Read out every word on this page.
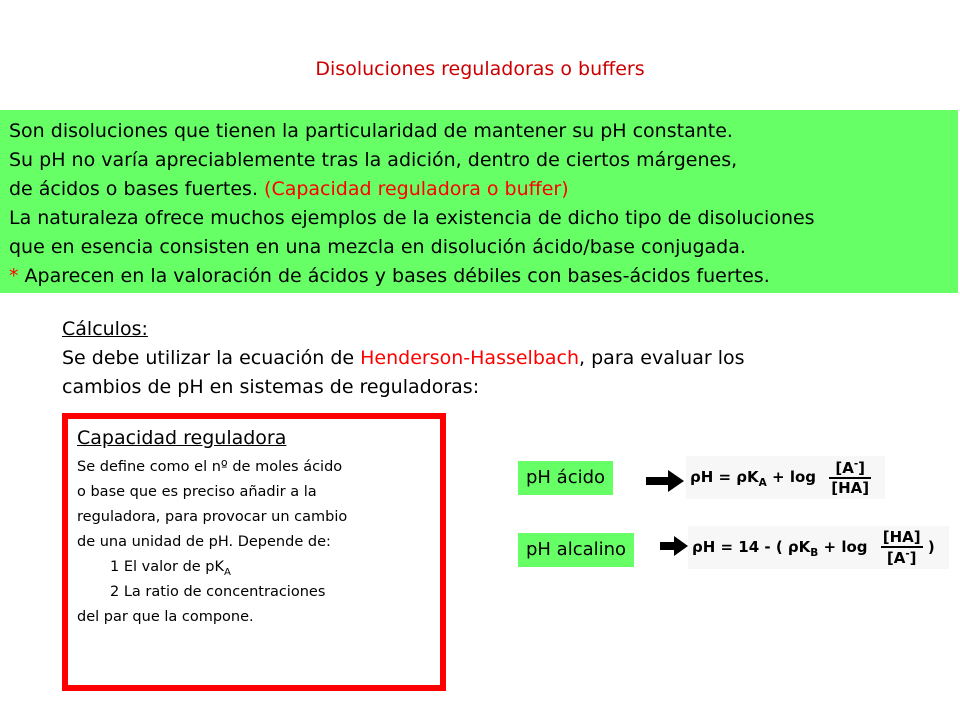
Disoluciones reguladoras o buffers
Son disoluciones que tienen la particularidad de mantener su pH constante.
Su pH no varía apreciablemente tras la adición, dentro de ciertos márgenes,
de ácidos o bases fuertes. (Capacidad reguladora o buffer)
La naturaleza ofrece muchos ejemplos de la existencia de dicho tipo de disoluciones
que en esencia consisten en una mezcla en disolución ácido/base conjugada.
* Aparecen en la valoración de ácidos y bases débiles con bases-ácidos fuertes.
Cálculos:
Se debe utilizar la ecuación de Henderson-Hasselbach, para evaluar los
cambios de pH en sistemas de reguladoras:
Capacidad reguladora
Se define como el nº de moles ácido
o base que es preciso añadir a la
reguladora, para provocar un cambio
de una unidad de pH. Depende de:
1 El valor de $pK_A$
2 La ratio de concentraciones
del par que la compone.
pH ácido	$\rho H = \rho K_A + \log \frac{[A^-]}{[HA]}$
pH alcalino	ρH = 14 - ( $\rho K_B + \log \frac{[HA]}{[A^-]}$ )
